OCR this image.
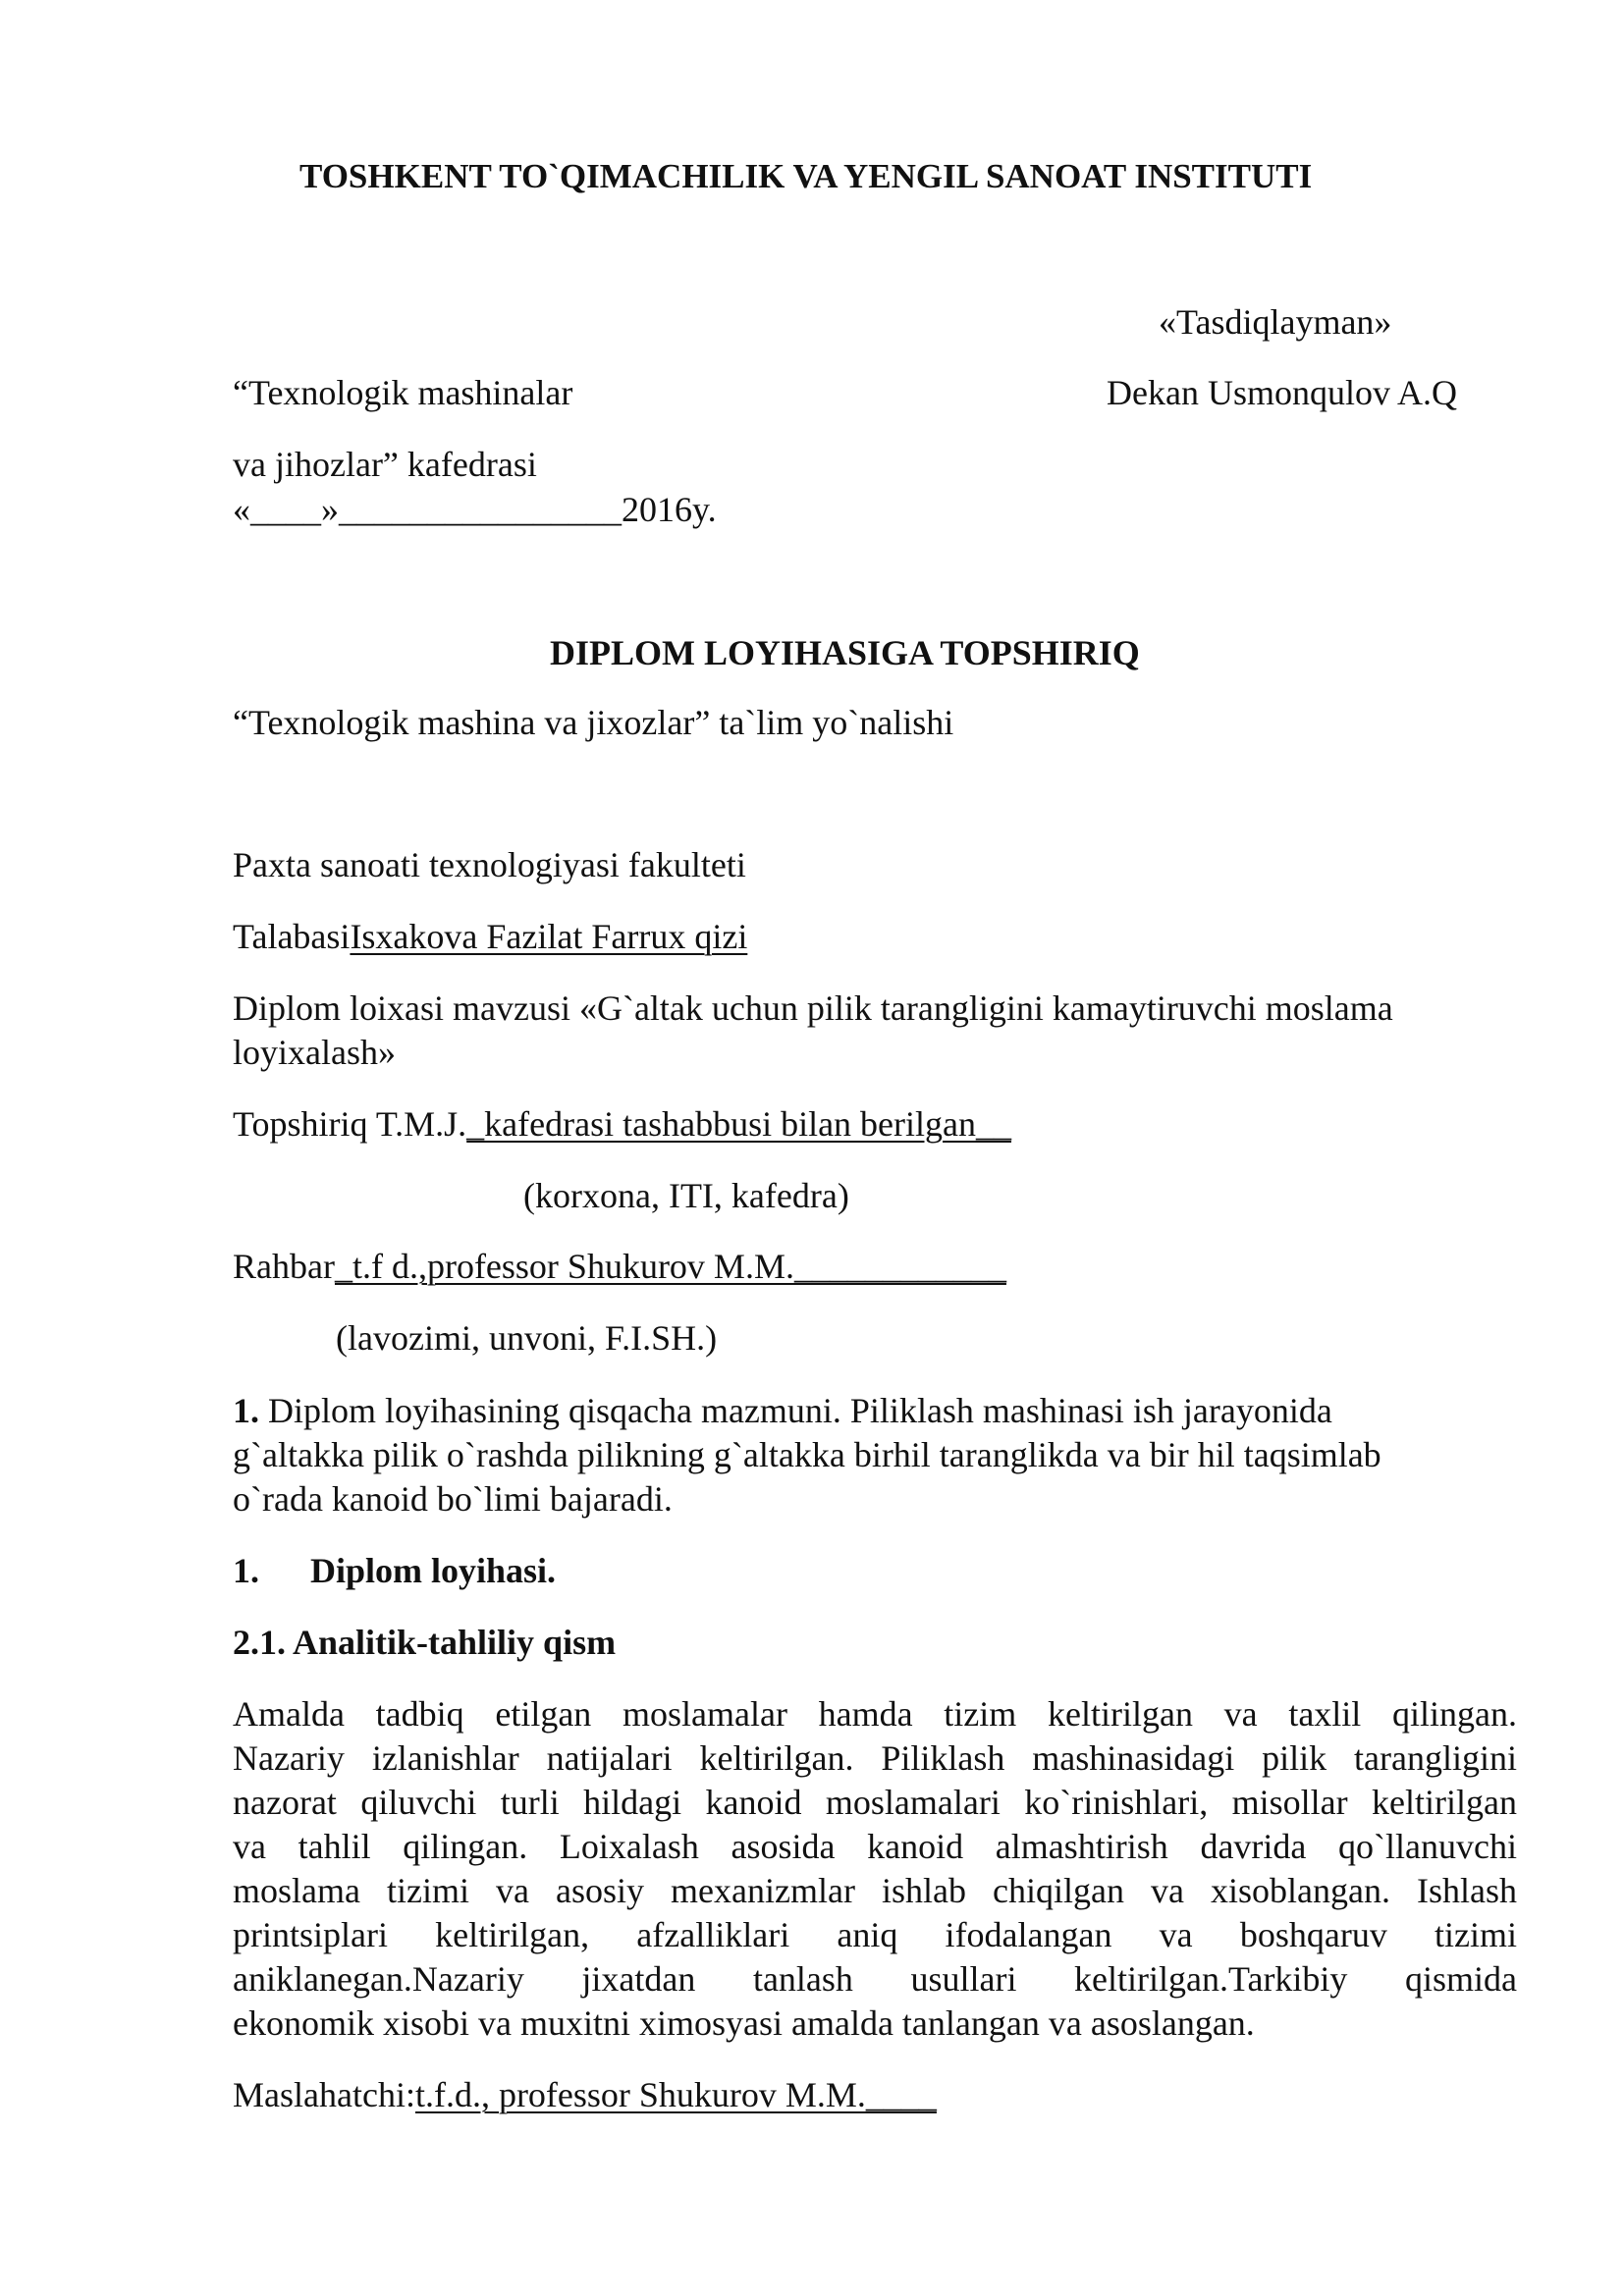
TOSHKENT TO`QIMACHILIK VA YENGIL SANOAT INSTITUTI
«Tasdiqlayman»
“Texnologik mashinalar	Dekan Usmonqulov A.Q
va jihozlar” kafedrasi
«____»________________2016y.
DIPLOM LOYIHASIGA TOPSHIRIQ
“Texnologik mashina va jixozlar” ta`lim yo`nalishi
Paxta sanoati texnologiyasi fakulteti
TalabasiIsxakova Fazilat Farrux qizi
Diplom loixasi mavzusi «G`altak uchun pilik tarangligini kamaytiruvchi moslama
loyixalash»
Topshiriq T.M.J._kafedrasi tashabbusi bilan berilgan__
(korxona, ITI, kafedra)
Rahbar_t.f d.,professor Shukurov M.M.____________
(lavozimi, unvoni, F.I.SH.)
1. Diplom loyihasining qisqacha mazmuni. Piliklash mashinasi ish jarayonida
g`altakka pilik o`rashda pilikning g`altakka birhil taranglikda va bir hil taqsimlab
o`rada kanoid bo`limi bajaradi.
1. Diplom loyihasi.
2.1. Analitik-tahliliy qism
Amalda tadbiq etilgan moslamalar hamda tizim keltirilgan va taxlil qilingan.
Nazariy izlanishlar natijalari keltirilgan. Piliklash mashinasidagi pilik tarangligini
nazorat qiluvchi turli hildagi kanoid moslamalari ko`rinishlari, misollar keltirilgan
va tahlil qilingan. Loixalash asosida kanoid almashtirish davrida qo`llanuvchi
moslama tizimi va asosiy mexanizmlar ishlab chiqilgan va xisoblangan. Ishlash
printsiplari keltirilgan, afzalliklari aniq ifodalangan va boshqaruv tizimi
aniklanegan.Nazariy jixatdan tanlash usullari keltirilgan.Tarkibiy qismida
ekonomik xisobi va muxitni ximosyasi amalda tanlangan va asoslangan.
Maslahatchi:t.f.d., professor Shukurov M.M.____
